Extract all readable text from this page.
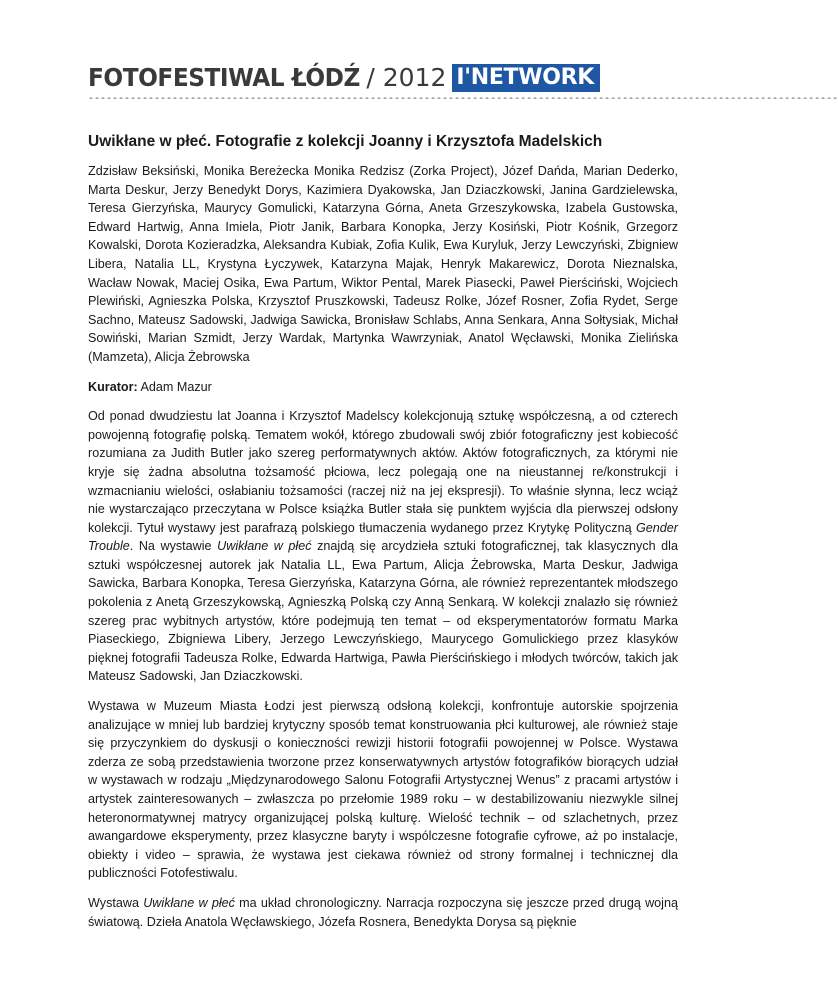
FOTOFESTIWAL ŁÓDŹ / 2012 I'NETWORK
-----------------------------------------------------------------------------------------------------------------------------
Uwikłane w płeć. Fotografie z kolekcji Joanny i Krzysztofa Madelskich

Zdzisław Beksiński, Monika Bereżecka Monika Redzisz (Zorka Project), Józef Dańda, Marian Dederko, Marta Deskur, Jerzy Benedykt Dorys, Kazimiera Dyakowska, Jan Dziaczkowski, Janina Gardzielewska, Teresa Gierzyńska, Maurycy Gomulicki, Katarzyna Górna, Aneta Grzeszykowska, Izabela Gustowska, Edward Hartwig, Anna Imiela, Piotr Janik, Barbara Konopka, Jerzy Kosiński, Piotr Kośnik, Grzegorz Kowalski, Dorota Kozieradzka, Aleksandra Kubiak, Zofia Kulik, Ewa Kuryluk, Jerzy Lewczyński, Zbigniew Libera, Natalia LL, Krystyna Łyczywek, Katarzyna Majak, Henryk Makarewicz, Dorota Nieznalska, Wacław Nowak, Maciej Osika, Ewa Partum, Wiktor Pental, Marek Piasecki, Paweł Pierściński, Wojciech Plewiński, Agnieszka Polska, Krzysztof Pruszkowski, Tadeusz Rolke, Józef Rosner, Zofia Rydet, Serge Sachno, Mateusz Sadowski, Jadwiga Sawicka, Bronisław Schlabs, Anna Senkara, Anna Sołtysiak, Michał Sowiński, Marian Szmidt, Jerzy Wardak, Martynka Wawrzyniak, Anatol Węcławski, Monika Zielińska (Mamzeta), Alicja Żebrowska

Kurator: Adam Mazur

Od ponad dwudziestu lat Joanna i Krzysztof Madelscy kolekcjonują sztukę współczesną, a od czterech powojenną fotografię polską. Tematem wokół, którego zbudowali swój zbiór fotograficzny jest kobiecość rozumiana za Judith Butler jako szereg performatywnych aktów. Aktów fotograficznych, za którymi nie kryje się żadna absolutna tożsamość płciowa, lecz polegają one na nieustannej re/konstrukcji i wzmacnianiu wielości, osłabianiu tożsamości (raczej niż na jej ekspresji). To właśnie słynna, lecz wciąż nie wystarczająco przeczytana w Polsce książka Butler stała się punktem wyjścia dla pierwszej odsłony kolekcji. Tytuł wystawy jest parafrazą polskiego tłumaczenia wydanego przez Krytykę Polityczną Gender Trouble. Na wystawie Uwikłane w płeć znajdą się arcydzieła sztuki fotograficznej, tak klasycznych dla sztuki współczesnej autorek jak Natalia LL, Ewa Partum, Alicja Żebrowska, Marta Deskur, Jadwiga Sawicka, Barbara Konopka, Teresa Gierzyńska, Katarzyna Górna, ale również reprezentantek młodszego pokolenia z Anetą Grzeszykowską, Agnieszką Polską czy Anną Senkarą. W kolekcji znalazło się również szereg prac wybitnych artystów, które podejmują ten temat – od eksperymentatorów formatu Marka Piaseckiego, Zbigniewa Libery, Jerzego Lewczyńskiego, Maurycego Gomulickiego przez klasyków pięknej fotografii Tadeusza Rolke, Edwarda Hartwiga, Pawła Pierścińskiego i młodych twórców, takich jak Mateusz Sadowski, Jan Dziaczkowski.

Wystawa w Muzeum Miasta Łodzi jest pierwszą odsłoną kolekcji, konfrontuje autorskie spojrzenia analizujące w mniej lub bardziej krytyczny sposób temat konstruowania płci kulturowej, ale również staje się przyczynkiem do dyskusji o konieczności rewizji historii fotografii powojennej w Polsce. Wystawa zderza ze sobą przedstawienia tworzone przez konserwatywnych artystów fotografików biorących udział w wystawach w rodzaju „Międzynarodowego Salonu Fotografii Artystycznej Wenus” z pracami artystów i artystek zainteresowanych – zwłaszcza po przełomie 1989 roku – w destabilizowaniu niezwykle silnej heteronormatywnej matrycy organizującej polską kulturę. Wielość technik – od szlachetnych, przez awangardowe eksperymenty, przez klasyczne baryty i wspólczesne fotografie cyfrowe, aż po instalacje, obiekty i video – sprawia, że wystawa jest ciekawa również od strony formalnej i technicznej dla publiczności Fotofestiwalu.

Wystawa Uwikłane w płeć ma układ chronologiczny. Narracja rozpoczyna się jeszcze przed drugą wojną światową. Dzieła Anatola Węcławskiego, Józefa Rosnera, Benedykta Dorysa są pięknie
